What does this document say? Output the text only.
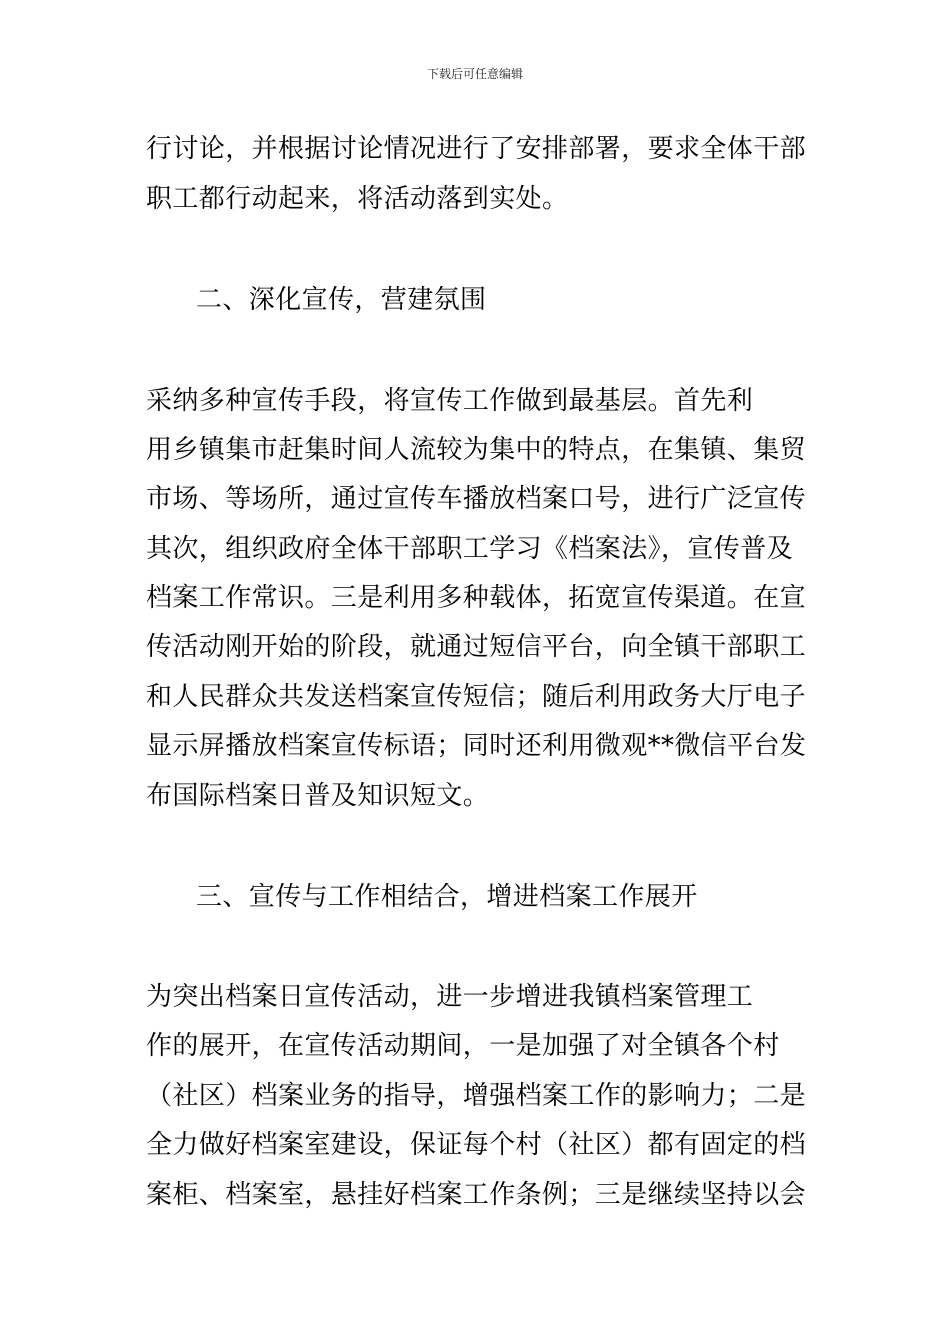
下载后可任意编辑
行讨论，并根据讨论情况进行了安排部署，要求全体干部
职工都行动起来，将活动落到实处。
二、深化宣传，营建氛围
采纳多种宣传手段，将宣传工作做到最基层。首先利
用乡镇集市赶集时间人流较为集中的特点，在集镇、集贸
市场、等场所，通过宣传车播放档案口号，进行广泛宣传
其次，组织政府全体干部职工学习《档案法》，宣传普及
档案工作常识。三是利用多种载体，拓宽宣传渠道。在宣
传活动刚开始的阶段，就通过短信平台，向全镇干部职工
和人民群众共发送档案宣传短信；随后利用政务大厅电子
显示屏播放档案宣传标语；同时还利用微观**微信平台发
布国际档案日普及知识短文。
三、宣传与工作相结合，增进档案工作展开
为突出档案日宣传活动，进一步增进我镇档案管理工
作的展开，在宣传活动期间，一是加强了对全镇各个村
（社区）档案业务的指导，增强档案工作的影响力；二是
全力做好档案室建设，保证每个村（社区）都有固定的档
案柜、档案室，悬挂好档案工作条例；三是继续坚持以会
